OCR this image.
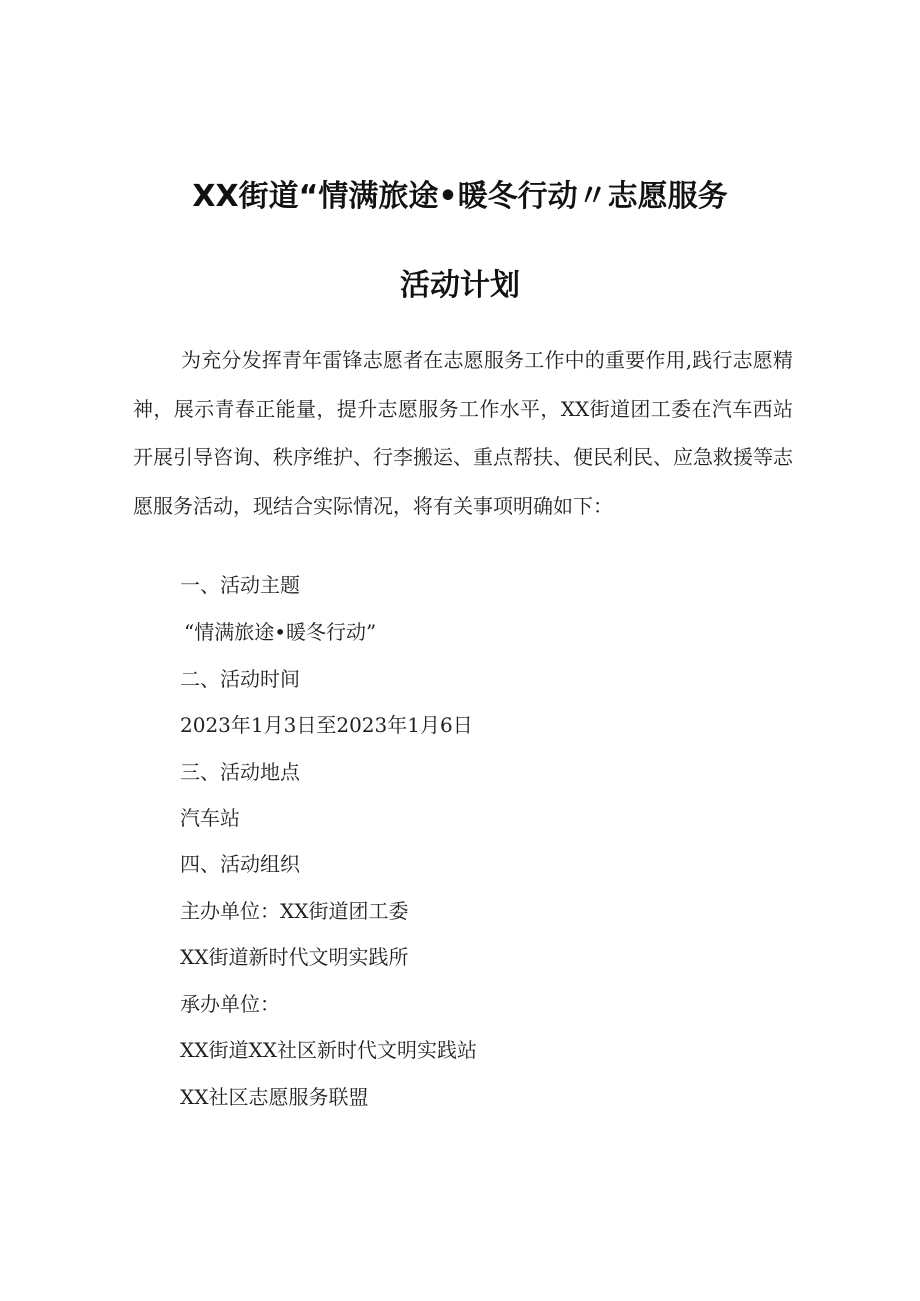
XX街道“情满旅途•暖冬行动〃志愿服务
活动计划

为充分发挥青年雷锋志愿者在志愿服务工作中的重要作用,践行志愿精神，展示青春正能量，提升志愿服务工作水平，XX街道团工委在汽车西站开展引导咨询、秩序维护、行李搬运、重点帮扶、便民利民、应急救援等志愿服务活动，现结合实际情况，将有关事项明确如下：

一、活动主题
“情满旅途•暖冬行动”
二、活动时间
2023年1月3日至2023年1月6日
三、活动地点
汽车站
四、活动组织
主办单位：XX街道团工委
XX街道新时代文明实践所
承办单位：
XX街道XX社区新时代文明实践站
XX社区志愿服务联盟
